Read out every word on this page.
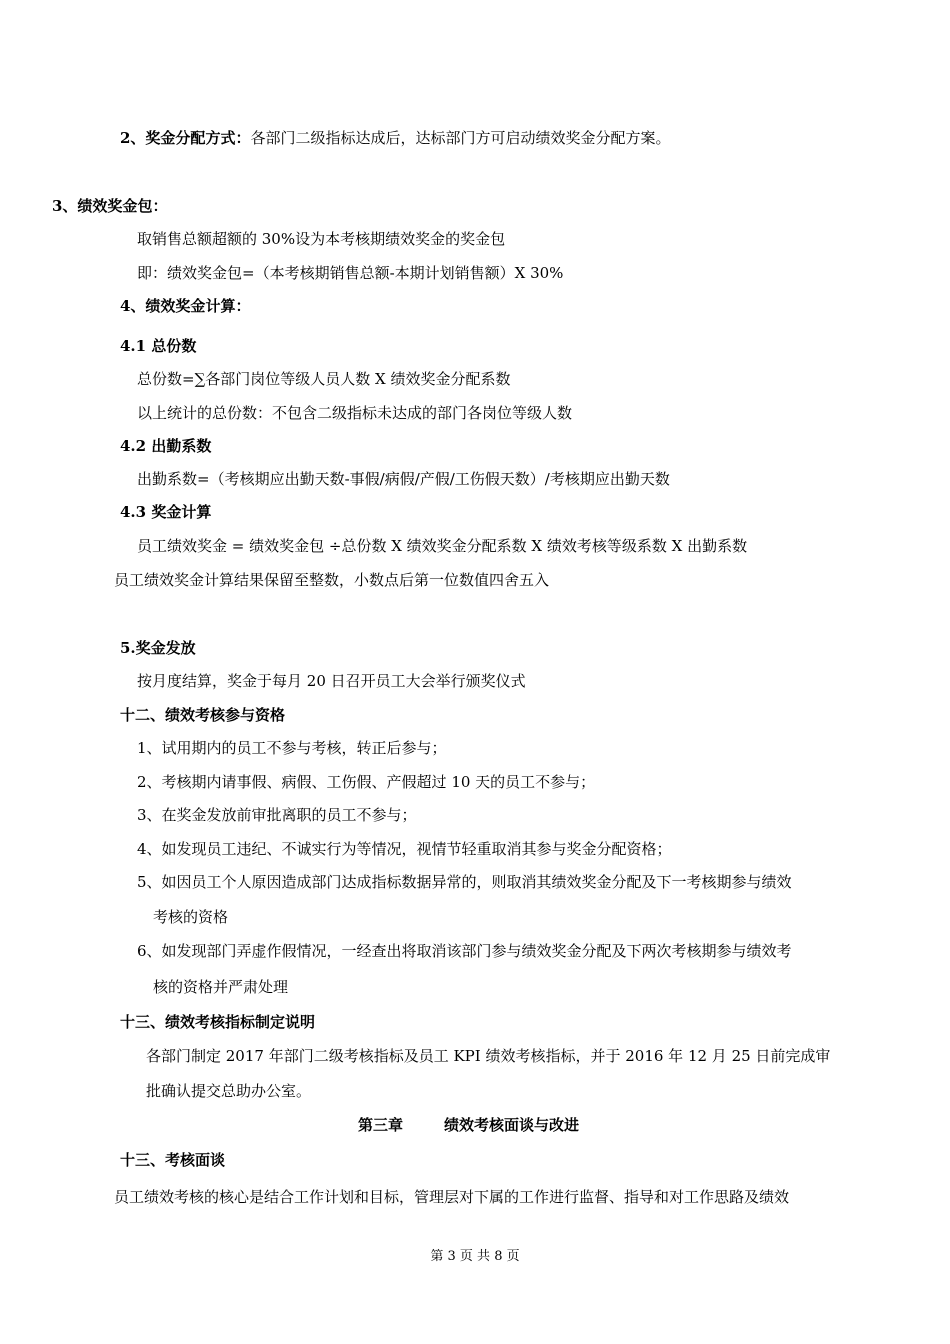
2、奖金分配方式：各部门二级指标达成后，达标部门方可启动绩效奖金分配方案。
3、绩效奖金包：
取销售总额超额的 30%设为本考核期绩效奖金的奖金包
即：绩效奖金包=（本考核期销售总额-本期计划销售额）X 30%
4、绩效奖金计算：
4.1 总份数
总份数=∑各部门岗位等级人员人数 X 绩效奖金分配系数
以上统计的总份数：不包含二级指标未达成的部门各岗位等级人数
4.2 出勤系数
出勤系数=（考核期应出勤天数-事假/病假/产假/工伤假天数）/考核期应出勤天数
4.3 奖金计算
员工绩效奖金 = 绩效奖金包 ÷总份数 X 绩效奖金分配系数 X 绩效考核等级系数 X 出勤系数
员工绩效奖金计算结果保留至整数，小数点后第一位数值四舍五入
5.奖金发放
按月度结算，奖金于每月 20 日召开员工大会举行颁奖仪式
十二、绩效考核参与资格
1、试用期内的员工不参与考核，转正后参与；
2、考核期内请事假、病假、工伤假、产假超过 10 天的员工不参与；
3、在奖金发放前审批离职的员工不参与；
4、如发现员工违纪、不诚实行为等情况，视情节轻重取消其参与奖金分配资格；
5、如因员工个人原因造成部门达成指标数据异常的，则取消其绩效奖金分配及下一考核期参与绩效
考核的资格
6、如发现部门弄虚作假情况，一经查出将取消该部门参与绩效奖金分配及下两次考核期参与绩效考
核的资格并严肃处理
十三、绩效考核指标制定说明
各部门制定 2017 年部门二级考核指标及员工 KPI 绩效考核指标，并于 2016 年 12 月 25 日前完成审
批确认提交总助办公室。
第三章	绩效考核面谈与改进
十三、考核面谈
员工绩效考核的核心是结合工作计划和目标，管理层对下属的工作进行监督、指导和对工作思路及绩效
第 3 页 共 8 页
